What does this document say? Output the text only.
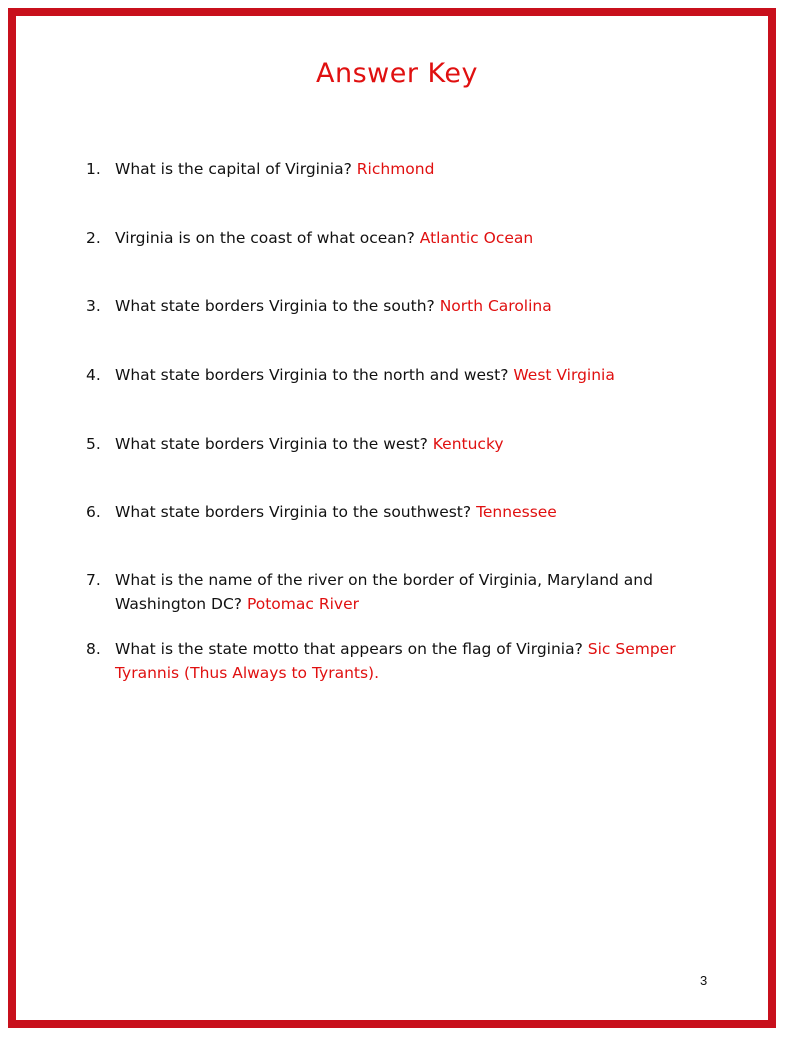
Answer Key
1. What is the capital of Virginia? Richmond
2. Virginia is on the coast of what ocean? Atlantic Ocean
3. What state borders Virginia to the south? North Carolina
4. What state borders Virginia to the north and west? West Virginia
5. What state borders Virginia to the west? Kentucky
6. What state borders Virginia to the southwest? Tennessee
7. What is the name of the river on the border of Virginia, Maryland and Washington DC? Potomac River
8. What is the state motto that appears on the flag of Virginia? Sic Semper Tyrannis (Thus Always to Tyrants).
3
